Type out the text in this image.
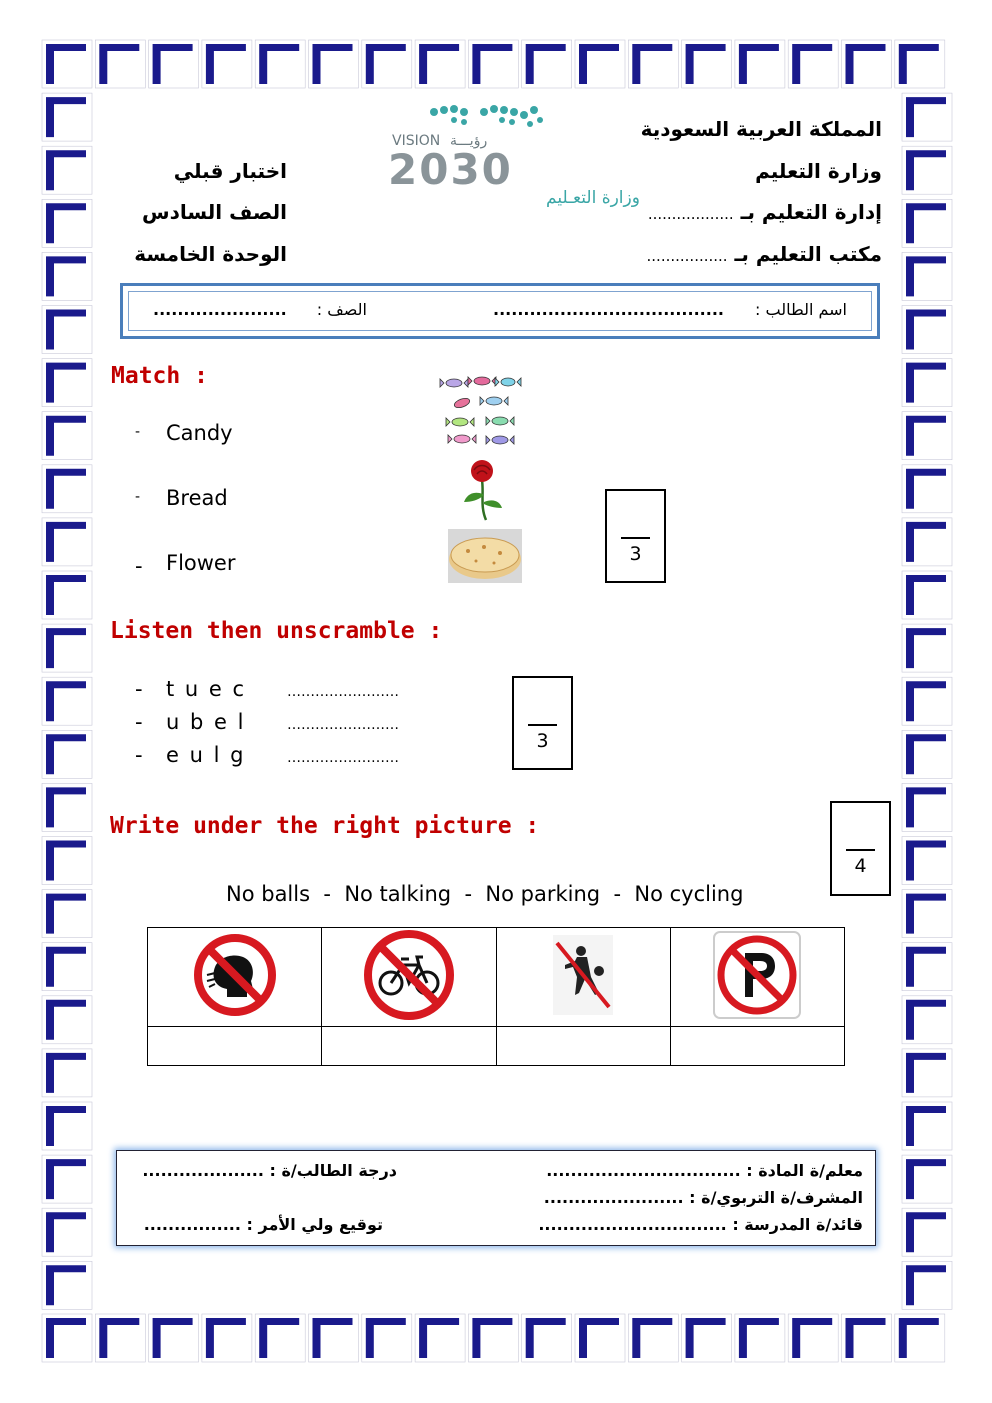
المملكة العربية السعودية
وزارة التعليم
إدارة التعليم بـ ..................
مكتب التعليم بـ .................
اختبار قبلي
الصف السادس
الوحدة الخامسة
VISION رؤيـــة
2030
وزارة التعـليم
اسم الطالب :
......................................
الصف :
......................
Match :
- Candy
- Bread
- Flower	3
Listen then unscramble :
- t u e c	……………………
- u b e l	……………………
- e u l g	……………………
3
Write under the right picture :
No balls  -  No talking  -  No parking  -  No cycling
4

معلم/ة المادة : ................................
المشرف/ة التربوي/ة : .......................
قائد/ة المدرسة : ...............................
درجة الطالب/ة : ....................
توقيع ولي الأمر : ................
